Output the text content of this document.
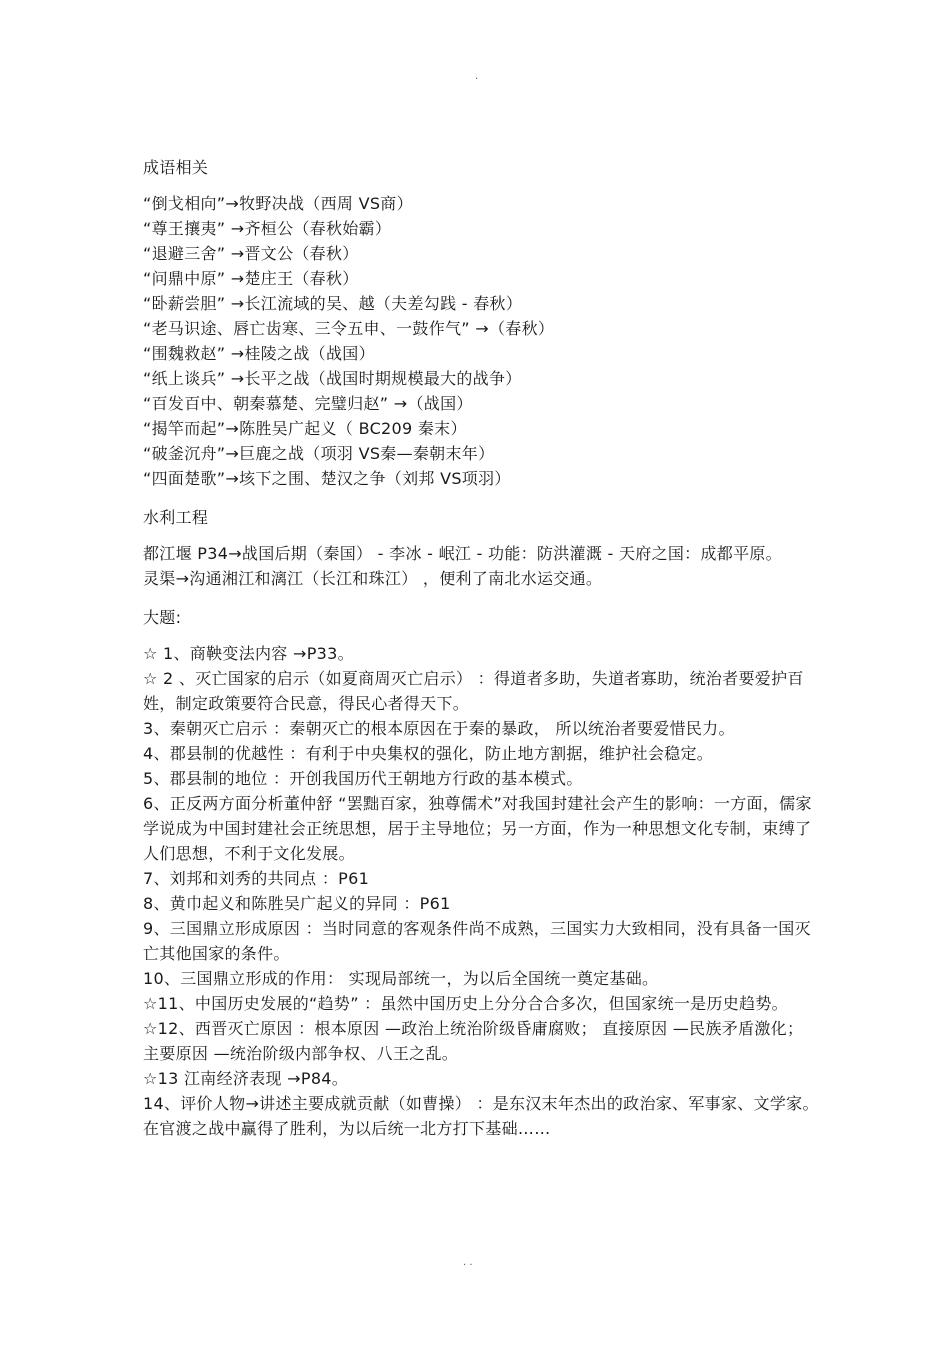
.
成语相关
“倒戈相向”→牧野决战（西周 VS商）
“尊王攘夷” →齐桓公（春秋始霸）
“退避三舍” →晋文公（春秋）
“问鼎中原” →楚庄王（春秋）
“卧薪尝胆” →长江流域的吴、越（夫差勾践 - 春秋）
“老马识途、唇亡齿寒、三令五申、一鼓作气” →（春秋）
“围魏救赵” →桂陵之战（战国）
“纸上谈兵” →长平之战（战国时期规模最大的战争）
“百发百中、朝秦慕楚、完璧归赵” →（战国）
“揭竿而起”→陈胜吴广起义（ BC209 秦末）
“破釜沉舟”→巨鹿之战（项羽 VS秦—秦朝末年）
“四面楚歌”→垓下之围、楚汉之争（刘邦 VS项羽）
水利工程
都江堰 P34→战国后期（秦国） - 李冰 - 岷江 - 功能：防洪灌溉 - 天府之国：成都平原。
灵渠→沟通湘江和漓江（长江和珠江） ，便利了南北水运交通。
大题:
☆ 1、商鞅变法内容 →P33。
☆ 2 、灭亡国家的启示（如夏商周灭亡启示） ：得道者多助，失道者寡助，统治者要爱护百姓，制定政策要符合民意，得民心者得天下。
3、秦朝灭亡启示 ：秦朝灭亡的根本原因在于秦的暴政， 所以统治者要爱惜民力。
4、郡县制的优越性 ：有利于中央集权的强化，防止地方割据，维护社会稳定。
5、郡县制的地位 ：开创我国历代王朝地方行政的基本模式。
6、正反两方面分析董仲舒 “罢黜百家，独尊儒术”对我国封建社会产生的影响：一方面，儒家学说成为中国封建社会正统思想，居于主导地位；另一方面，作为一种思想文化专制，束缚了人们思想，不利于文化发展。
7、刘邦和刘秀的共同点 ：P61
8、黄巾起义和陈胜吴广起义的异同 ：P61
9、三国鼎立形成原因 ：当时同意的客观条件尚不成熟，三国实力大致相同，没有具备一国灭亡其他国家的条件。
10、三国鼎立形成的作用： 实现局部统一，为以后全国统一奠定基础。
☆11、中国历史发展的“趋势” ：虽然中国历史上分分合合多次，但国家统一是历史趋势。
☆12、西晋灭亡原因 ：根本原因 —政治上统治阶级昏庸腐败； 直接原因 —民族矛盾激化； 主要原因 —统治阶级内部争权、八王之乱。
☆13 江南经济表现 →P84。
14、评价人物→讲述主要成就贡献（如曹操） ：是东汉末年杰出的政治家、军事家、文学家。在官渡之战中赢得了胜利，为以后统一北方打下基础……
. .
